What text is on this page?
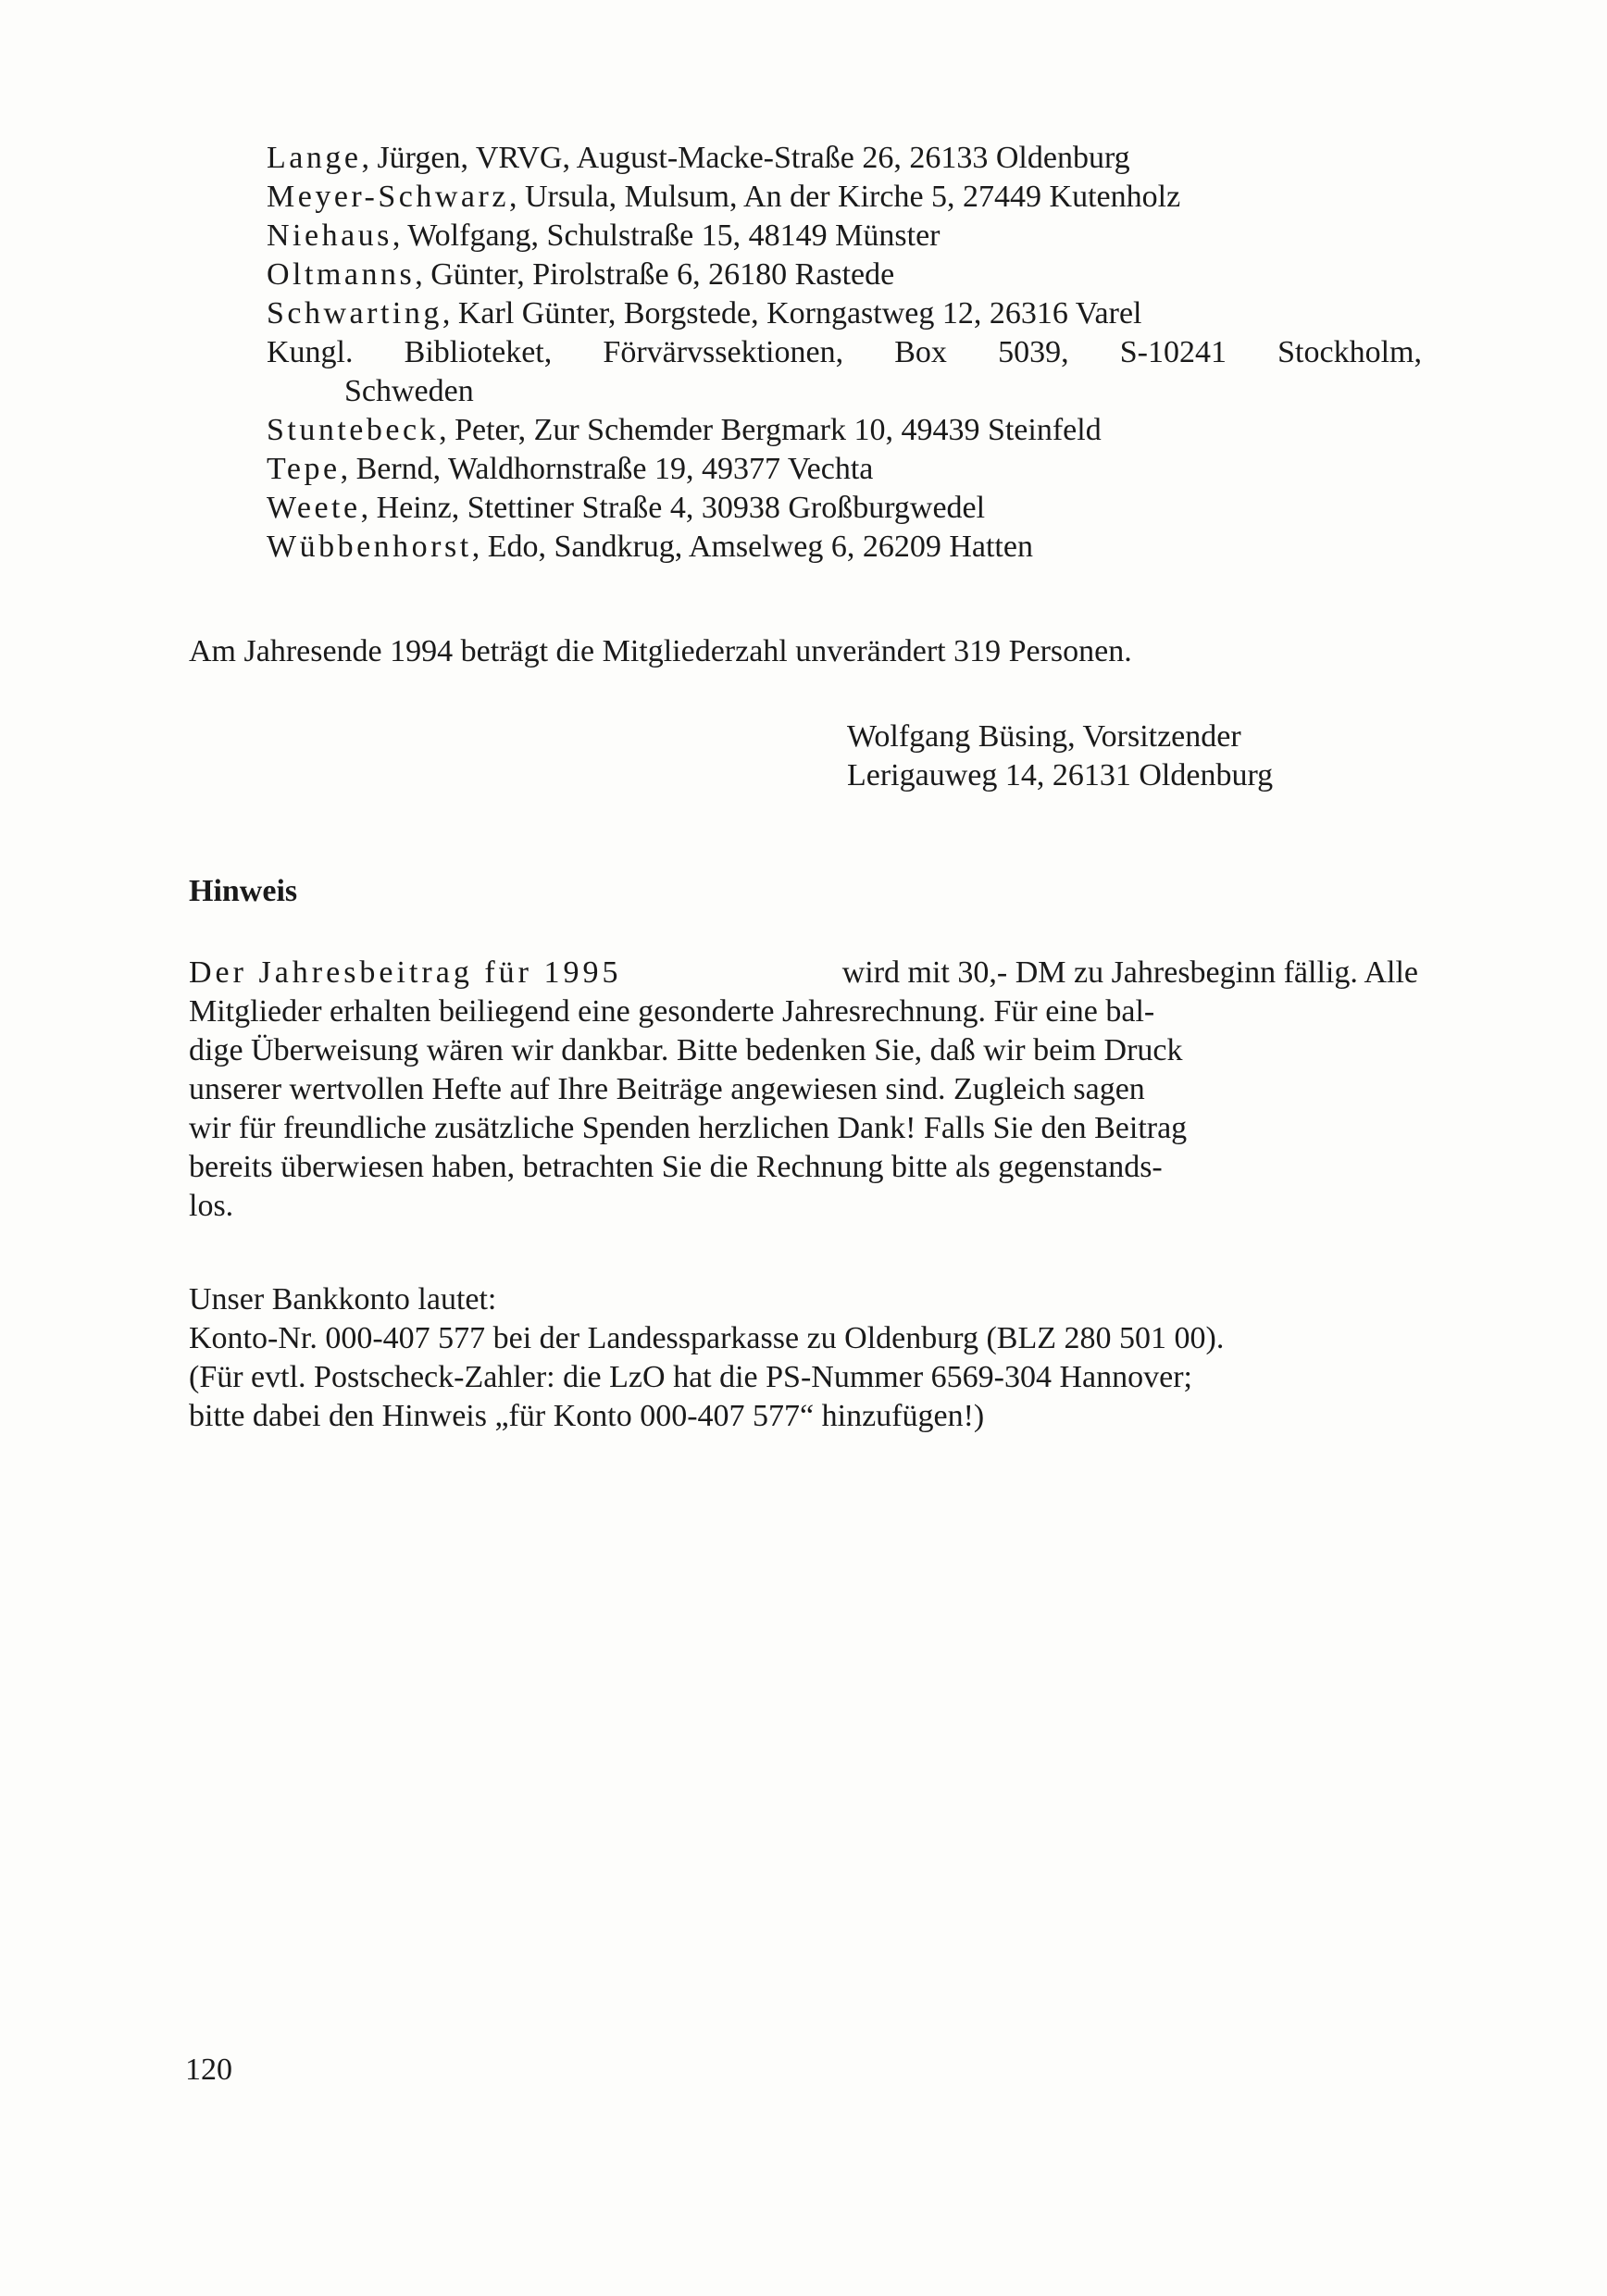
Lange, Jürgen, VRVG, August-Macke-Straße 26, 26133 Oldenburg
Meyer-Schwarz, Ursula, Mulsum, An der Kirche 5, 27449 Kutenholz
Niehaus, Wolfgang, Schulstraße 15, 48149 Münster
Oltmanns, Günter, Pirolstraße 6, 26180 Rastede
Schwarting, Karl Günter, Borgstede, Korngastweg 12, 26316 Varel
Kungl. Biblioteket, Förvärvssektionen, Box 5039, S-10241 Stockholm,
Schweden
Stuntebeck, Peter, Zur Schemder Bergmark 10, 49439 Steinfeld
Tepe, Bernd, Waldhornstraße 19, 49377 Vechta
Weete, Heinz, Stettiner Straße 4, 30938 Großburgwedel
Wübbenhorst, Edo, Sandkrug, Amselweg 6, 26209 Hatten
Am Jahresende 1994 beträgt die Mitgliederzahl unverändert 319 Personen.
Wolfgang Büsing, Vorsitzender
Lerigauweg 14, 26131 Oldenburg
Hinweis
Der Jahresbeitrag für 1995	wird mit 30,- DM zu Jahresbeginn fällig. Alle
Mitglieder erhalten beiliegend eine gesonderte Jahresrechnung. Für eine bal-
dige Überweisung wären wir dankbar. Bitte bedenken Sie, daß wir beim Druck
unserer wertvollen Hefte auf Ihre Beiträge angewiesen sind. Zugleich sagen
wir für freundliche zusätzliche Spenden herzlichen Dank! Falls Sie den Beitrag
bereits überwiesen haben, betrachten Sie die Rechnung bitte als gegenstands-
los.
Unser Bankkonto lautet:
Konto-Nr. 000-407 577 bei der Landessparkasse zu Oldenburg (BLZ 280 501 00).
(Für evtl. Postscheck-Zahler: die LzO hat die PS-Nummer 6569-304 Hannover;
bitte dabei den Hinweis „für Konto 000-407 577“ hinzufügen!)
120
